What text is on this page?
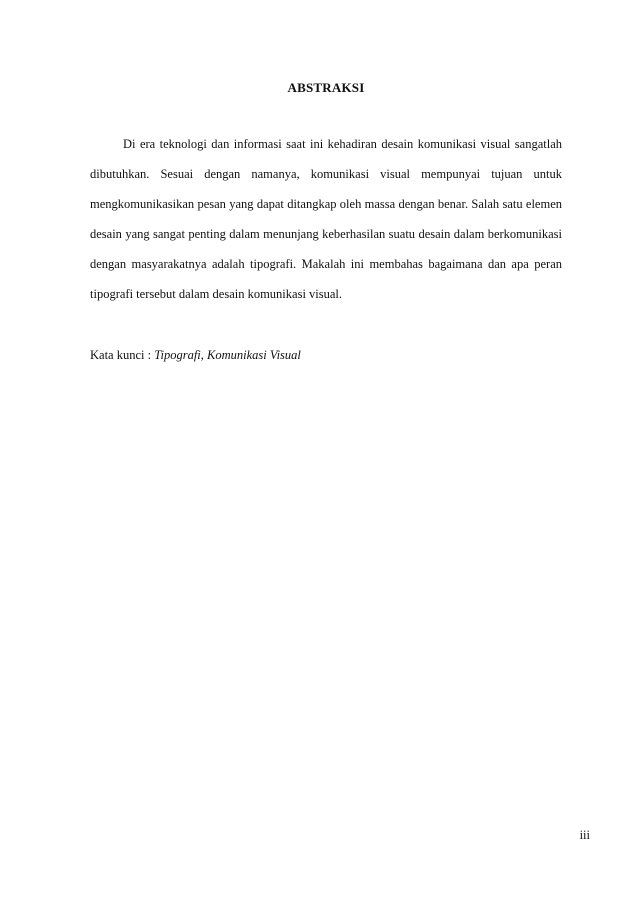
ABSTRAKSI

Di era teknologi dan informasi saat ini kehadiran desain komunikasi visual sangatlah dibutuhkan. Sesuai dengan namanya, komunikasi visual mempunyai tujuan untuk mengkomunikasikan pesan yang dapat ditangkap oleh massa dengan benar. Salah satu elemen desain yang sangat penting dalam menunjang keberhasilan suatu desain dalam berkomunikasi dengan masyarakatnya adalah tipografi. Makalah ini membahas bagaimana dan apa peran tipografi tersebut dalam desain komunikasi visual.

Kata kunci : Tipografi, Komunikasi Visual

iii
